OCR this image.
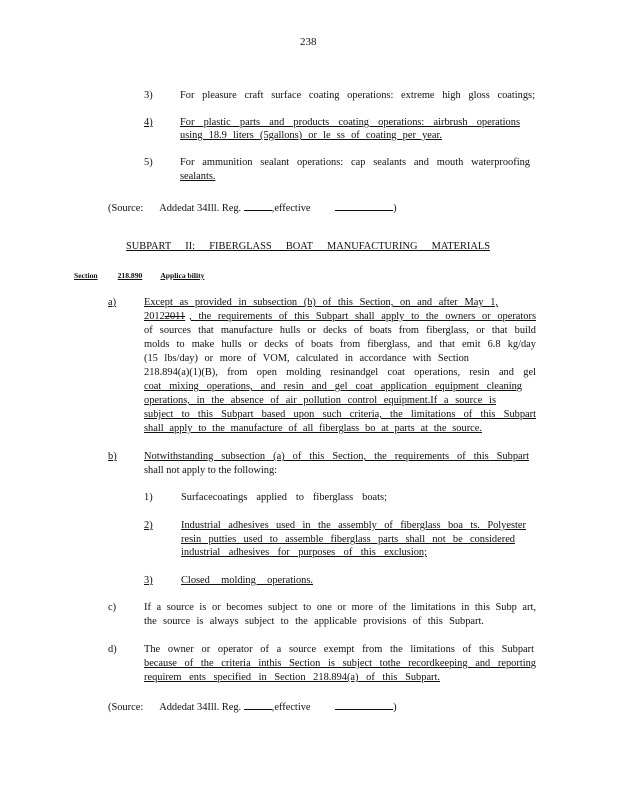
238
3)	For pleasure craft surface coating operations: extreme high gloss coatings;
4)	For plastic parts and products coating operations: airbrush operations
using 18.9 liters (5gallons) or le ss of coating per year.
5)	For ammunition sealant operations: cap sealants and mouth waterproofing
sealants.
(Source: Addedat 34Ill. Reg.	,effective	)
SUBPART II: FIBERGLASS BOAT MANUFACTURING MATERIALS
Section	218.890 Applica bility
a)	Except as provided in subsection (b) of this Section, on and after May 1,
2012 2011 , the requirements of this Subpart shall apply to the owners or operators
of sources that manufacture hulls or decks of boats from fiberglass, or that build
molds to make hulls or decks of boats from fiberglass, and that emit 6.8 kg/day
(15 lbs/day) or more of VOM, calculated in accordance with Section
218.894(a)(1)(B), from open molding resinandgel coat operations, resin and gel
coat mixing operations, and resin and gel coat application equipment cleaning
operations, in the absence of air pollution control equipment.If a source is
subject to this Subpart based upon such criteria, the limitations of this Subpart
shall apply to the manufacture of all fiberglass bo at parts at the source.
b)	Notwithstanding subsection (a) of this Section, the requirements of this Subpart
shall not apply to the following:
1)	Surfacecoatings applied to fiberglass boats;
2)	Industrial adhesives used in the assembly of fiberglass boa ts. Polyester
resin putties used to assemble fiberglass parts shall not be considered
industrial adhesives for purposes of this exclusion;
3)	Closed molding operations.
c)	If a source is or becomes subject to one or more of the limitations in this Subp art,
the source is always subject to the applicable provisions of this Subpart.
d)	The owner or operator of a source exempt from the limitations of this Subpart
because of the criteria inthis Section is subject tothe recordkeeping and reporting
requirem ents specified in Section 218.894(a) of this Subpart.
(Source: Addedat 34Ill. Reg.	,effective	)
